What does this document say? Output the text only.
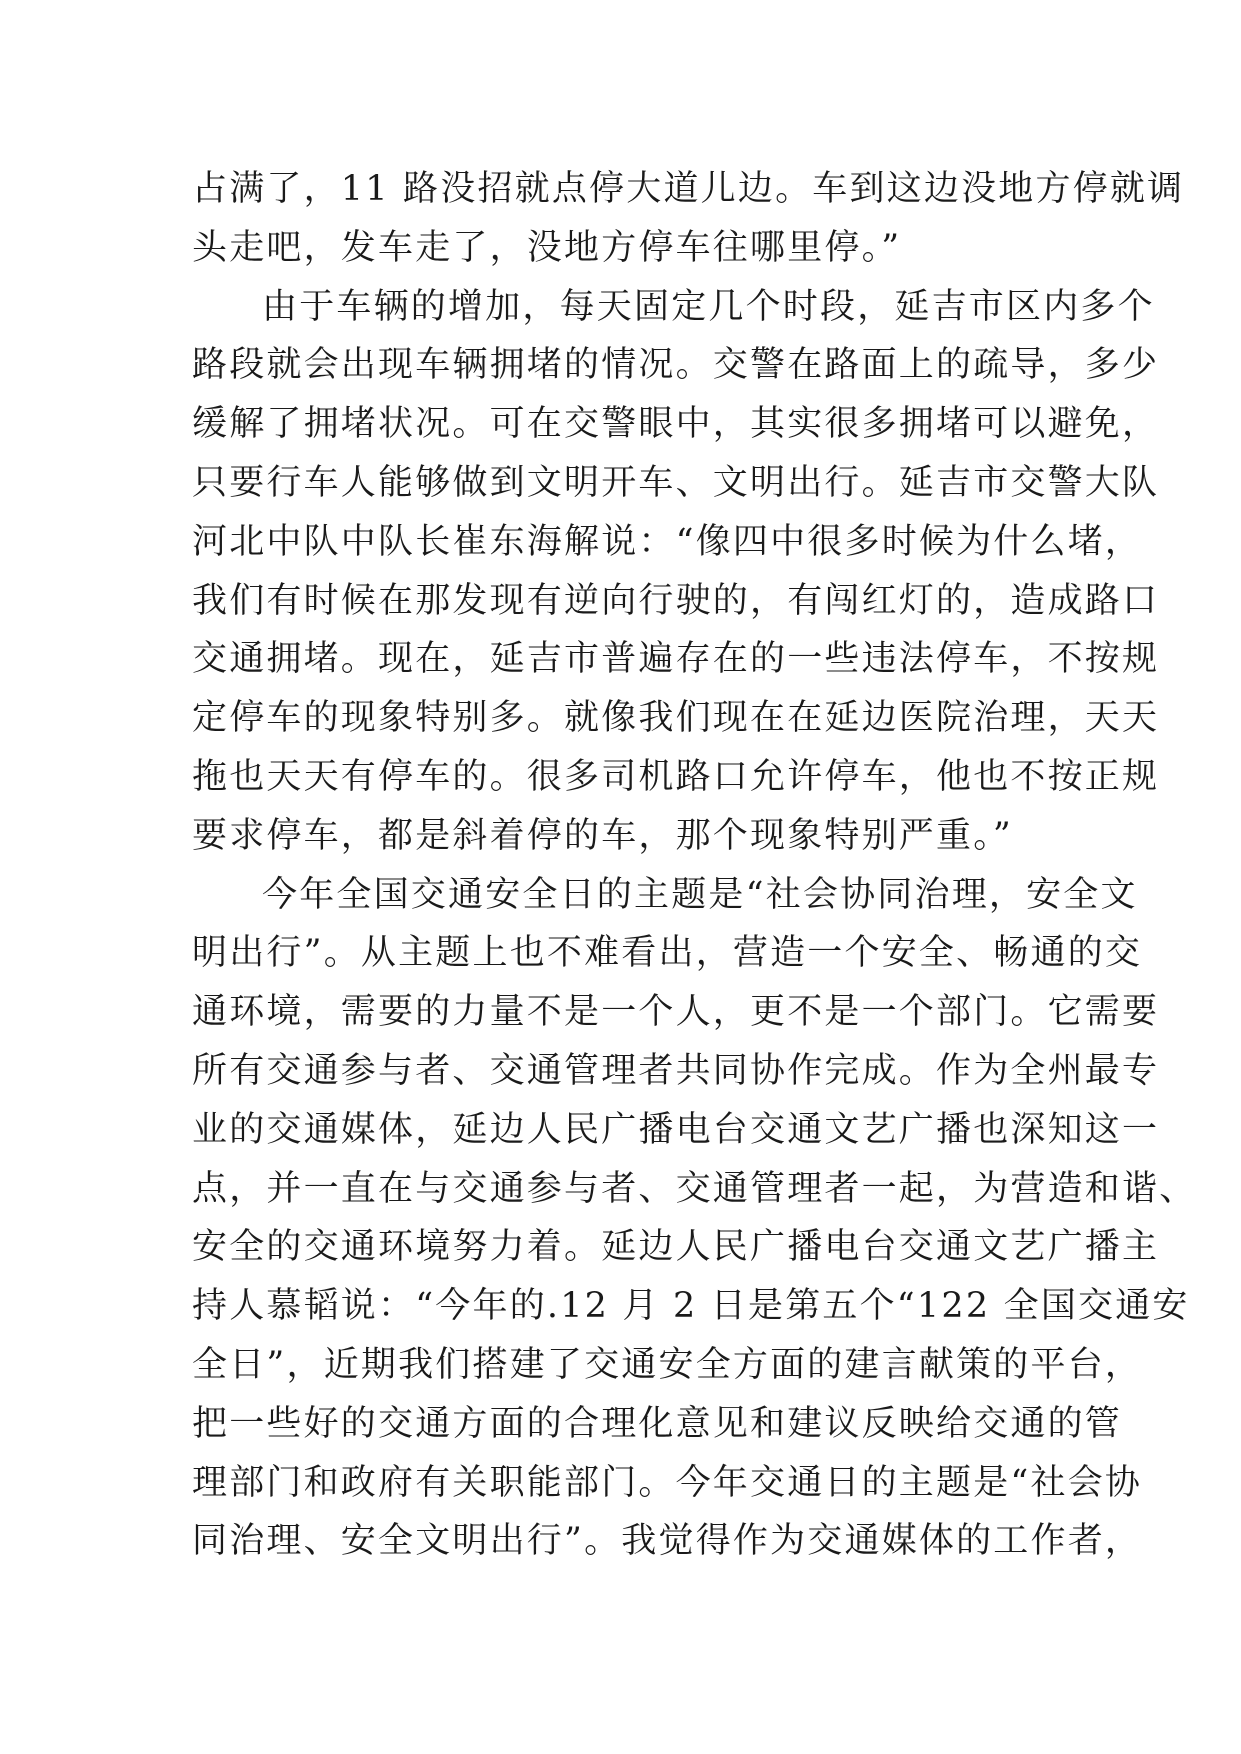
占满了，11 路没招就点停大道儿边。车到这边没地方停就调
头走吧，发车走了，没地方停车往哪里停。”
由于车辆的增加，每天固定几个时段，延吉市区内多个
路段就会出现车辆拥堵的情况。交警在路面上的疏导，多少
缓解了拥堵状况。可在交警眼中，其实很多拥堵可以避免，
只要行车人能够做到文明开车、文明出行。延吉市交警大队
河北中队中队长崔东海解说：“像四中很多时候为什么堵，
我们有时候在那发现有逆向行驶的，有闯红灯的，造成路口
交通拥堵。现在，延吉市普遍存在的一些违法停车，不按规
定停车的现象特别多。就像我们现在在延边医院治理，天天
拖也天天有停车的。很多司机路口允许停车，他也不按正规
要求停车，都是斜着停的车，那个现象特别严重。”
今年全国交通安全日的主题是“社会协同治理，安全文
明出行”。从主题上也不难看出，营造一个安全、畅通的交
通环境，需要的力量不是一个人，更不是一个部门。它需要
所有交通参与者、交通管理者共同协作完成。作为全州最专
业的交通媒体，延边人民广播电台交通文艺广播也深知这一
点，并一直在与交通参与者、交通管理者一起，为营造和谐、
安全的交通环境努力着。延边人民广播电台交通文艺广播主
持人慕韬说：“今年的.12 月 2 日是第五个“122 全国交通安
全日”，近期我们搭建了交通安全方面的建言献策的平台，
把一些好的交通方面的合理化意见和建议反映给交通的管
理部门和政府有关职能部门。今年交通日的主题是“社会协
同治理、安全文明出行”。我觉得作为交通媒体的工作者，
